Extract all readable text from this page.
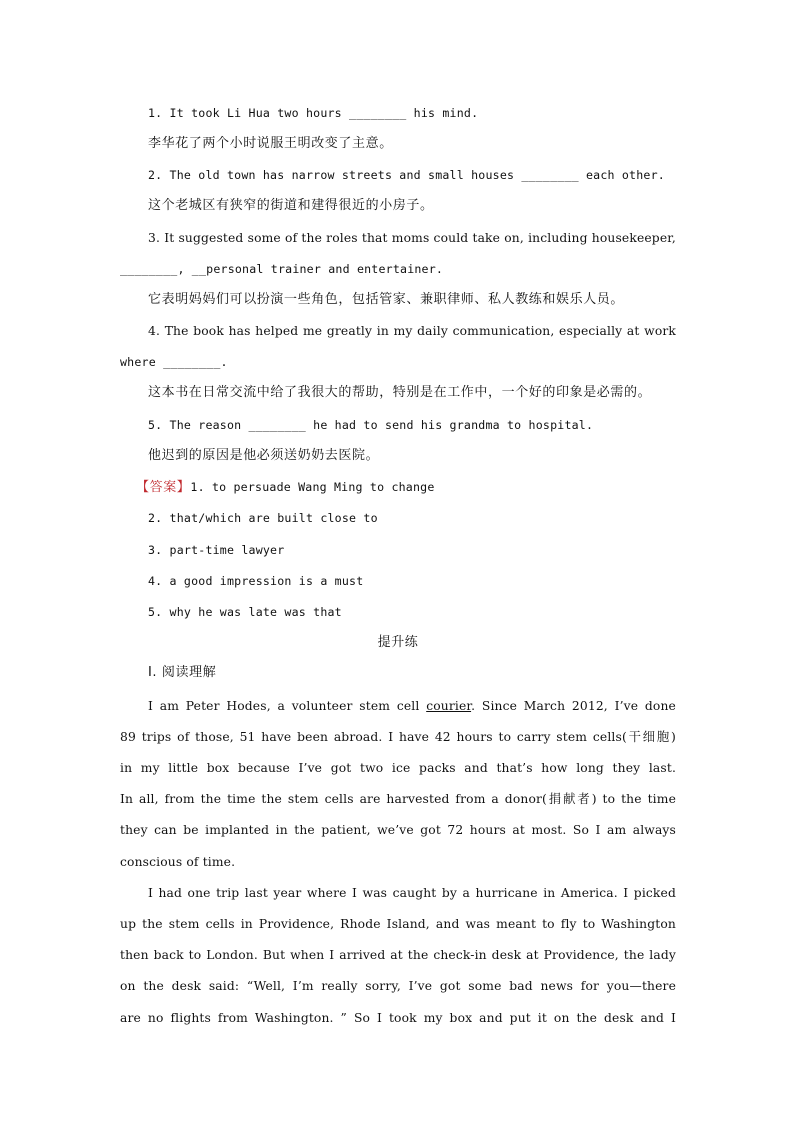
1. It took Li Hua two hours ________ his mind.
李华花了两个小时说服王明改变了主意。
2. The old town has narrow streets and small houses ________ each other.
这个老城区有狭窄的街道和建得很近的小房子。
3. It suggested some of the roles that moms could take on, including housekeeper,
________, __personal trainer and entertainer.
它表明妈妈们可以扮演一些角色，包括管家、兼职律师、私人教练和娱乐人员。
4. The book has helped me greatly in my daily communication, especially at work
where ________.
这本书在日常交流中给了我很大的帮助，特别是在工作中，一个好的印象是必需的。
5. The reason ________ he had to send his grandma to hospital.
他迟到的原因是他必须送奶奶去医院。
【答案】1. to persuade Wang Ming to change
2. that/which are built close to
3. part-time lawyer
4. a good impression is a must
5. why he was late was that
提升练
Ⅰ. 阅读理解
I am Peter Hodes, a volunteer stem cell courier. Since March 2012, I’ve done
89 trips of those, 51 have been abroad. I have 42 hours to carry stem cells(干细胞)
in my little box because I’ve got two ice packs and that’s how long they last.
In all, from the time the stem cells are harvested from a donor(捐献者) to the time
they can be implanted in the patient, we’ve got 72 hours at most. So I am always
conscious of time.
I had one trip last year where I was caught by a hurricane in America. I picked
up the stem cells in Providence, Rhode Island, and was meant to fly to Washington
then back to London. But when I arrived at the check-in desk at Providence, the lady
on the desk said: “Well, I’m really sorry, I’ve got some bad news for you—there
are no flights from Washington. ” So I took my box and put it on the desk and I
